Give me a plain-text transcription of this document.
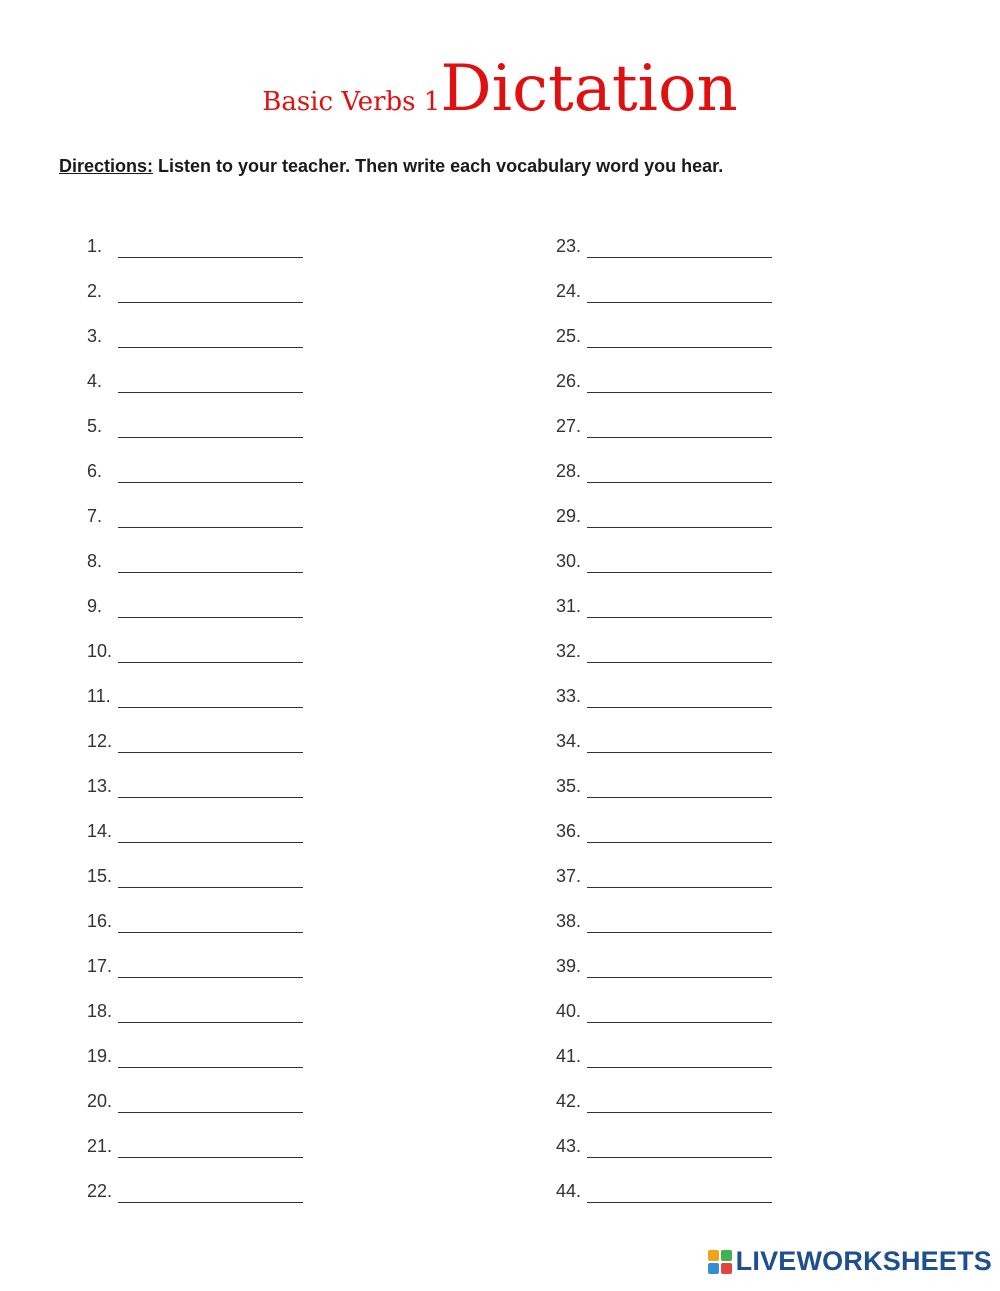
Basic Verbs 1Dictation
Directions: Listen to your teacher. Then write each vocabulary word you hear.
1.
2.
3.
4.
5.
6.
7.
8.
9.
10.
11.
12.
13.
14.
15.
16.
17.
18.
19.
20.
21.
22.
23.
24.
25.
26.
27.
28.
29.
30.
31.
32.
33.
34.
35.
36.
37.
38.
39.
40.
41.
42.
43.
44.
LIVEWORKSHEETS
